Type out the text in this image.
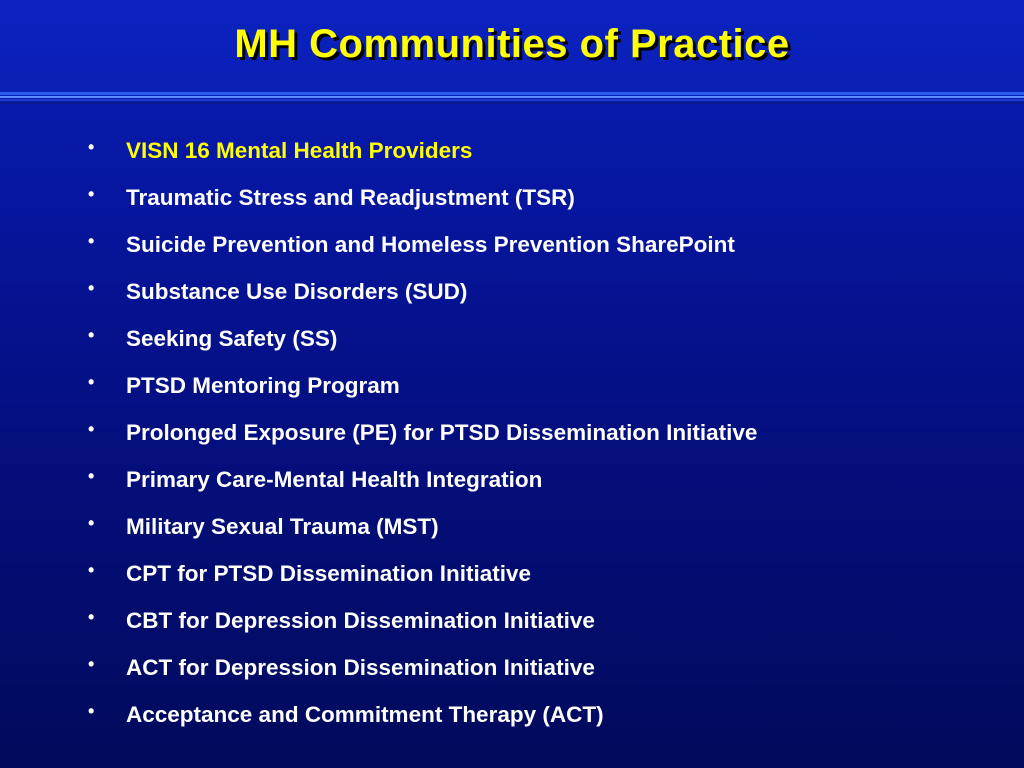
MH Communities of Practice
• VISN 16 Mental Health Providers
• Traumatic Stress and Readjustment (TSR)
• Suicide Prevention and Homeless Prevention SharePoint
• Substance Use Disorders (SUD)
• Seeking Safety (SS)
• PTSD Mentoring Program
• Prolonged Exposure (PE) for PTSD Dissemination Initiative
• Primary Care-Mental Health Integration
• Military Sexual Trauma (MST)
• CPT for PTSD Dissemination Initiative
• CBT for Depression Dissemination Initiative
• ACT for Depression Dissemination Initiative
• Acceptance and Commitment Therapy (ACT)
